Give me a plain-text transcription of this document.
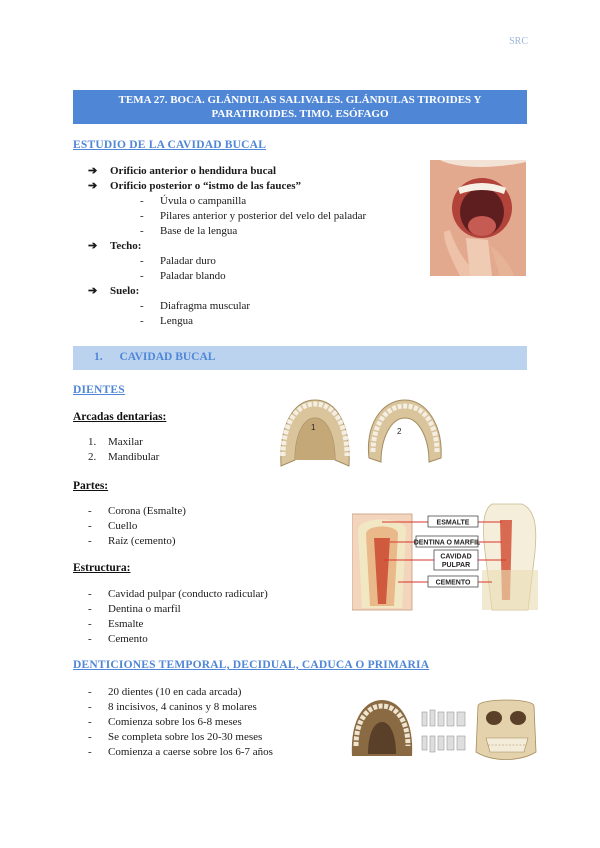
SRC
TEMA 27. BOCA. GLÁNDULAS SALIVALES. GLÁNDULAS TIROIDES Y
PARATIROIDES. TIMO. ESÓFAGO
ESTUDIO DE LA CAVIDAD BUCAL
➔ Orificio anterior o hendidura bucal
➔ Orificio posterior o “istmo de las fauces”
- Úvula o campanilla
- Pilares anterior y posterior del velo del paladar
- Base de la lengua
➔ Techo:
- Paladar duro
- Paladar blando
➔ Suelo:
- Diafragma muscular
- Lengua
1. CAVIDAD BUCAL
DIENTES
Arcadas dentarias:
1. Maxilar
2. Mandibular
1	2
Partes:
- Corona (Esmalte)
- Cuello
- Raíz (cemento)
ESMALTE
DENTINA O MARFIL
CAVIDAD
PULPAR
CEMENTO
Estructura:
- Cavidad pulpar (conducto radicular)
- Dentina o marfil
- Esmalte
- Cemento
DENTICIONES TEMPORAL, DECIDUAL, CADUCA O PRIMARIA
- 20 dientes (10 en cada arcada)
- 8 incisivos, 4 caninos y 8 molares
- Comienza sobre los 6-8 meses
- Se completa sobre los 20-30 meses
- Comienza a caerse sobre los 6-7 años
